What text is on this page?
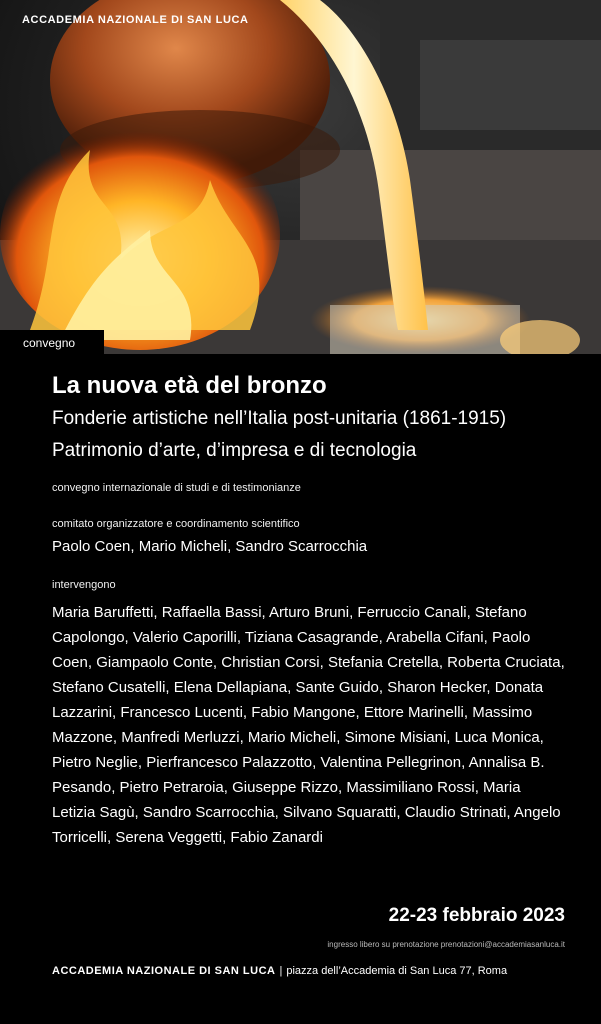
ACCADEMIA NAZIONALE DI SAN LUCA
convegno
La nuova età del bronzo

Fonderie artistiche nell’Italia post-unitaria (1861-1915)

Patrimonio d’arte, d’impresa e di tecnologia

convegno internazionale di studi e di testimonianze

comitato organizzatore e coordinamento scientifico

Paolo Coen, Mario Micheli, Sandro Scarrocchia

intervengono

Maria Baruffetti, Raffaella Bassi, Arturo Bruni, Ferruccio Canali, Stefano Capolongo, Valerio Caporilli, Tiziana Casagrande, Arabella Cifani, Paolo Coen, Giampaolo Conte, Christian Corsi, Stefania Cretella, Roberta Cruciata, Stefano Cusatelli, Elena Dellapiana, Sante Guido, Sharon Hecker, Donata Lazzarini, Francesco Lucenti, Fabio Mangone, Ettore Marinelli, Massimo Mazzone, Manfredi Merluzzi, Mario Micheli, Simone Misiani, Luca Monica, Pietro Neglie, Pierfrancesco Palazzotto, Valentina Pellegrinon, Annalisa B. Pesando, Pietro Petraroia, Giuseppe Rizzo, Massimiliano Rossi, Maria Letizia Sagù, Sandro Scarrocchia, Silvano Squaratti, Claudio Strinati, Angelo Torricelli, Serena Veggetti, Fabio Zanardi

22-23 febbraio 2023
ingresso libero su prenotazione prenotazioni@accademiasanluca.it
ACCADEMIA NAZIONALE DI SAN LUCA | piazza dell’Accademia di San Luca 77, Roma
